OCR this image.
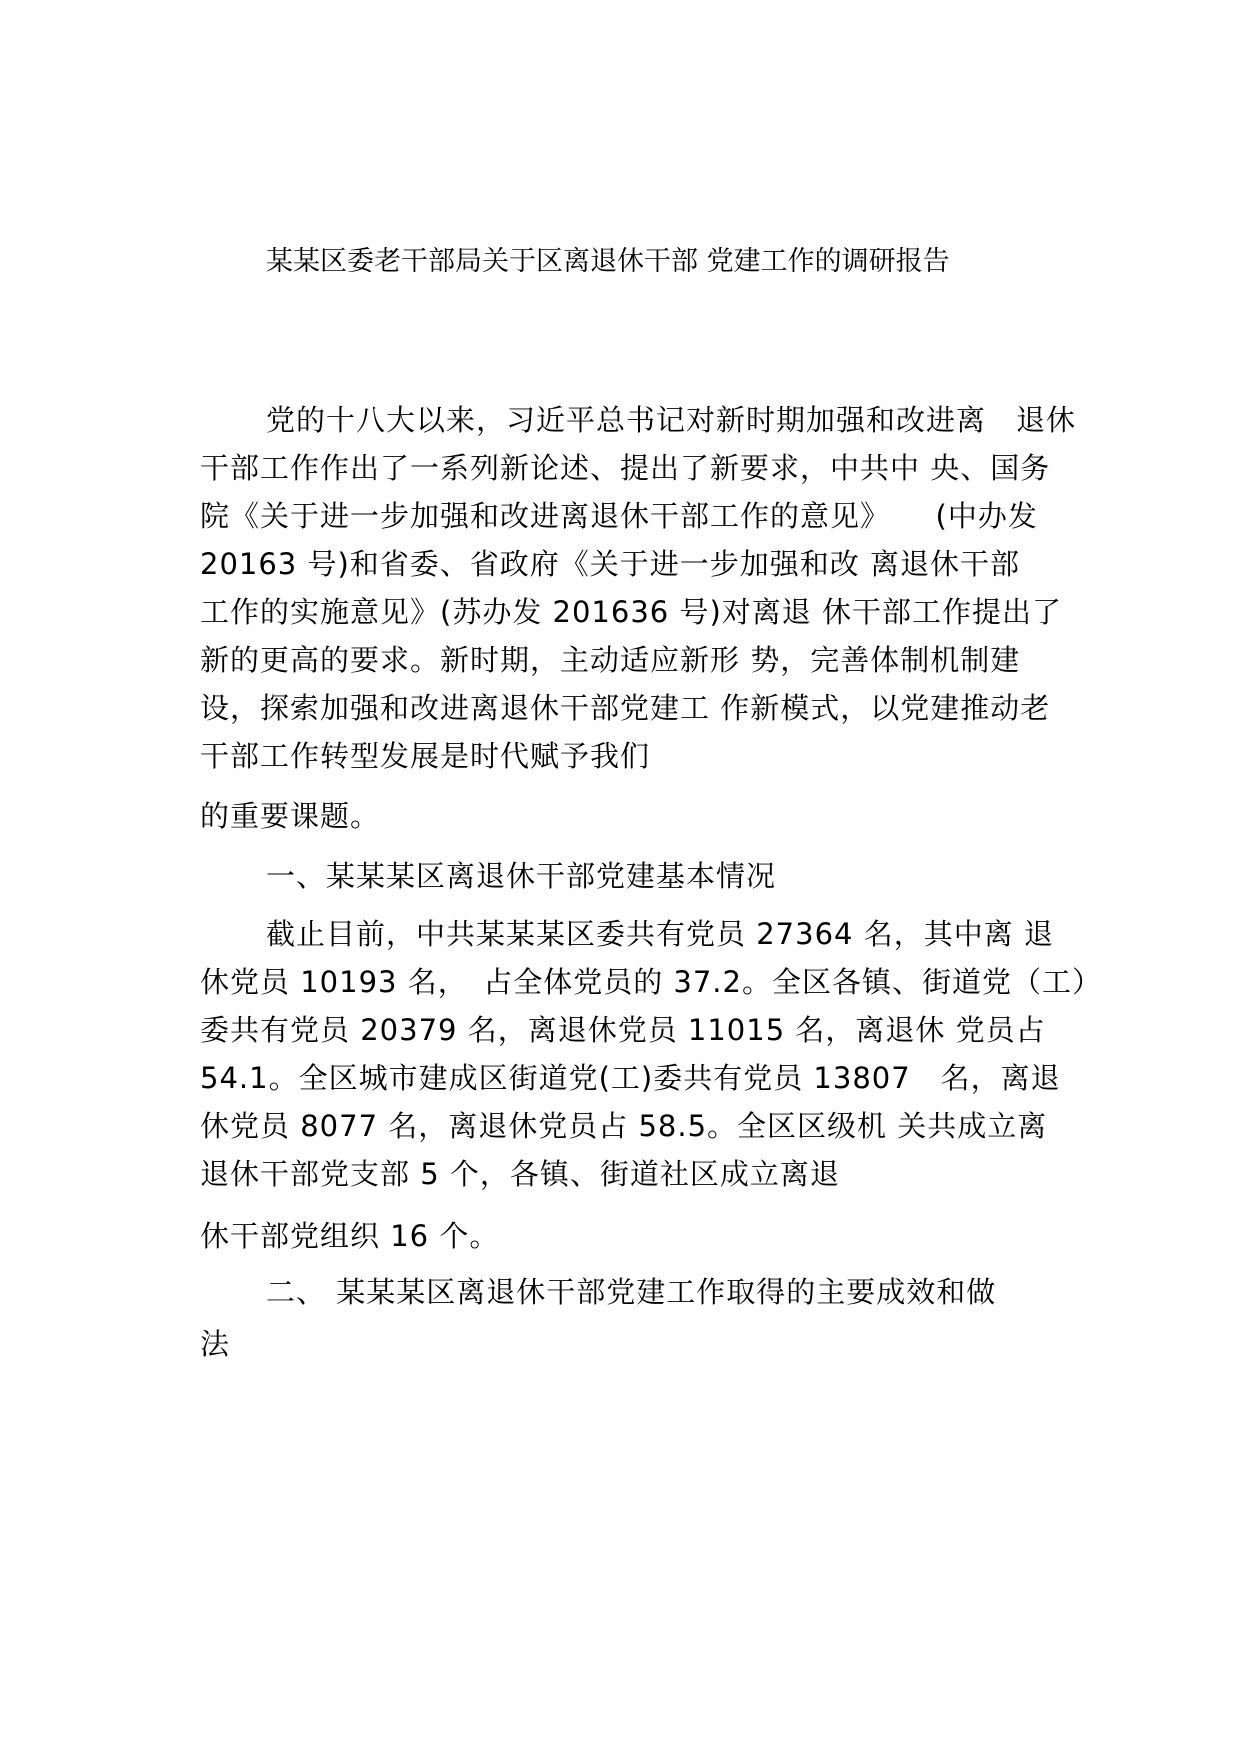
某某区委老干部局关于区离退休干部 党建工作的调研报告
党的十八大以来，习近平总书记对新时期加强和改进离　退休
干部工作作出了一系列新论述、提出了新要求，中共中 央、国务
院《关于进一步加强和改进离退休干部工作的意见》　　(中办发
20163 号)和省委、省政府《关于进一步加强和改 离退休干部
工作的实施意见》(苏办发 201636 号)对离退 休干部工作提出了
新的更高的要求。新时期，主动适应新形 势，完善体制机制建
设，探索加强和改进离退休干部党建工 作新模式，以党建推动老
干部工作转型发展是时代赋予我们
的重要课题。
一、某某某区离退休干部党建基本情况
截止目前，中共某某某区委共有党员 27364 名，其中离 退
休党员 10193 名，　占全体党员的 37.2。全区各镇、街道党（工）
委共有党员 20379 名，离退休党员 11015 名，离退休 党员占
54.1。全区城市建成区街道党(工)委共有党员 13807　名，离退
休党员 8077 名，离退休党员占 58.5。全区区级机 关共成立离
退休干部党支部 5 个，各镇、街道社区成立离退
休干部党组织 16 个。
二、 某某某区离退休干部党建工作取得的主要成效和做
法
